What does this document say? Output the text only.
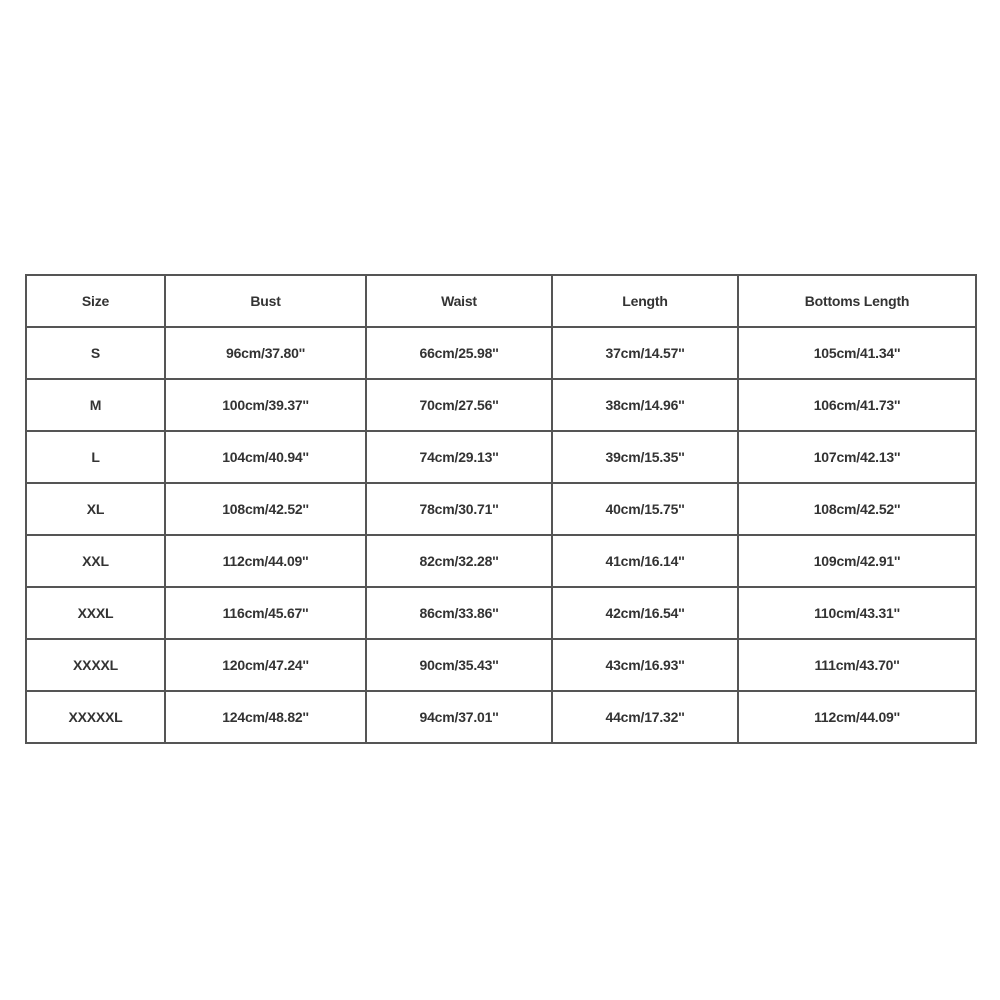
Size	Bust	Waist	Length	Bottoms Length
S	96cm/37.80''	66cm/25.98''	37cm/14.57''	105cm/41.34''
M	100cm/39.37''	70cm/27.56''	38cm/14.96''	106cm/41.73''
L	104cm/40.94''	74cm/29.13''	39cm/15.35''	107cm/42.13''
XL	108cm/42.52''	78cm/30.71''	40cm/15.75''	108cm/42.52''
XXL	112cm/44.09''	82cm/32.28''	41cm/16.14''	109cm/42.91''
XXXL	116cm/45.67''	86cm/33.86''	42cm/16.54''	110cm/43.31''
XXXXL	120cm/47.24''	90cm/35.43''	43cm/16.93''	111cm/43.70''
XXXXXL	124cm/48.82''	94cm/37.01''	44cm/17.32''	112cm/44.09''
